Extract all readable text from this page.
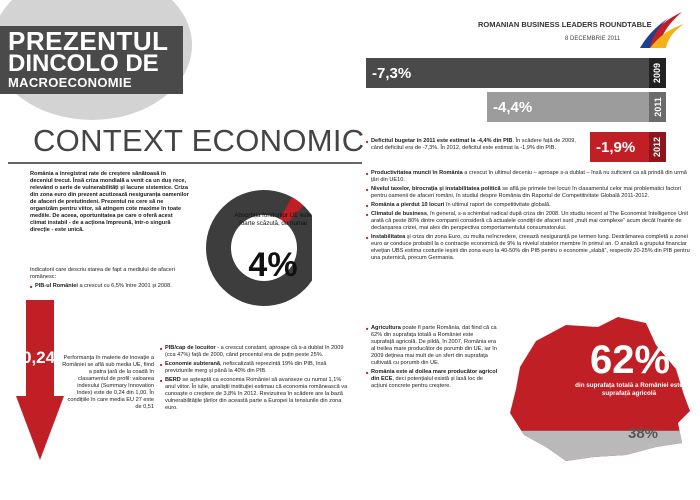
PREZENTUL
DINCOLO DE
MACROECONOMIE
ROMANIAN BUSINESS LEADERS ROUNDTABLE
8 DECEMBRIE 2011
-7,3%	2009
-4,4%	2011
-1,9% 2012
■ Deficitul bugetar în 2011 este estimat la -4,4% din PIB. În scădere față de 2009, când deficitul era de -7,3%. În 2012, deficitul este estimat la -1,9% din PIB.
CONTEXT ECONOMIC

România a înregistrat rate de creștere sănătoasă în deceniul trecut. Însă criza mondială a venit ca un duș rece, relevând o serie de vulnerabilități și lacune sistemice. Criza din zona euro din prezent acutizează nesiguranța oamenilor de afaceri de pretutindeni. Prezentul ne cere să ne organizăm pentru viitor, să atingem cote maxime în toate mediile. De aceea, oportunitatea pe care o oferă acest climat instabil - de a acționa împreună, într-o singură direcție - este unică.

Indicatorii care descriu starea de fapt a mediului de afaceri românesc:

■ PIB-ul României a crescut cu 6,5% între 2001 și 2008.
Absorbția fondurilor UE este foarte scăzută, de numai
4%
0,24 Performanța în materie de inovație a României se află sub media UE, fiind a patra țară de la coadă în clasamentul de profil: valoarea indexului (Summary Innovation Index) este de 0,24 din 1,00. În condițiile în care media EU 27 este de 0,51
■ PIB/cap de locuitor - a crescut constant, aproape că s-a dublat în 2009 (cca 47%) față de 2000, când procentul era de puțin peste 25%.
■ Economie subterană, nefiscalizată reprezintă 19% din PIB, însă previziunile merg și până la 40% din PIB.
■ BERD se așteaptă ca economia României să avanseze cu numai 1,1% anul viitor. În iulie, analiștii instituției estimau că economia românească va cunoaște o creștere de 3,8% în 2012. Revizuirea în scădere are la bază vulnerabilitățile țărilor din această parte a Europei la tensiunile din zona euro.
■ Productivitatea muncii în România a crescut în ultimul deceniu – aproape s-a dublat – însă nu suficient ca să prindă din urmă țări din UE10.
■ Nivelul taxelor, birocrația și instabilitatea politică se află pe primele trei locuri în clasamentul celor mai problematici factori pentru oamenii de afaceri români, în studiul despre România din Raportul de Competitivitate Globală 2011-2012.
■ România a pierdut 10 locuri în ultimul raport de competitivitate globală.
■ Climatul de business, în general, s-a schimbat radical după criza din 2008. Un studiu recent al The Economist Intelligence Unit arată că peste 80% dintre companii consideră că actualele condiții de afaceri sunt „mult mai complexe” acum decât înainte de declanșarea crizei, mai ales din perspectiva comportamentului consumatorului.
■ Instabilitatea și criza din zona Euro, cu multa neîncredere, creează nesiguranță pe termen lung. Destrămarea completă a zonei euro ar conduce probabil la o contracție economică de 9% la nivelul statelor membre în primul an. O analiză a grupului financiar elvețian UBS estima costurile ieșirii din zona euro la 40-50% din PIB pentru o economie „slabă”, respectiv 20-25% din PIB pentru una puternică, precum Germania.
■ Agricultura poate fi parte România, dat fiind că ca 62% din suprafața totală a României este suprafață agricolă. De pildă, în 2007, România era al treilea mare producător de porumb din UE, iar în 2009 deținea mai mult de un sfert din suprafața cultivată cu porumb din UE.
■ România este al doilea mare producător agricol din ECE, deci potențialul există și lasă loc de acțiuni concrete pentru creștere.
62%
din suprafața totală a României este suprafață agricolă
38%
